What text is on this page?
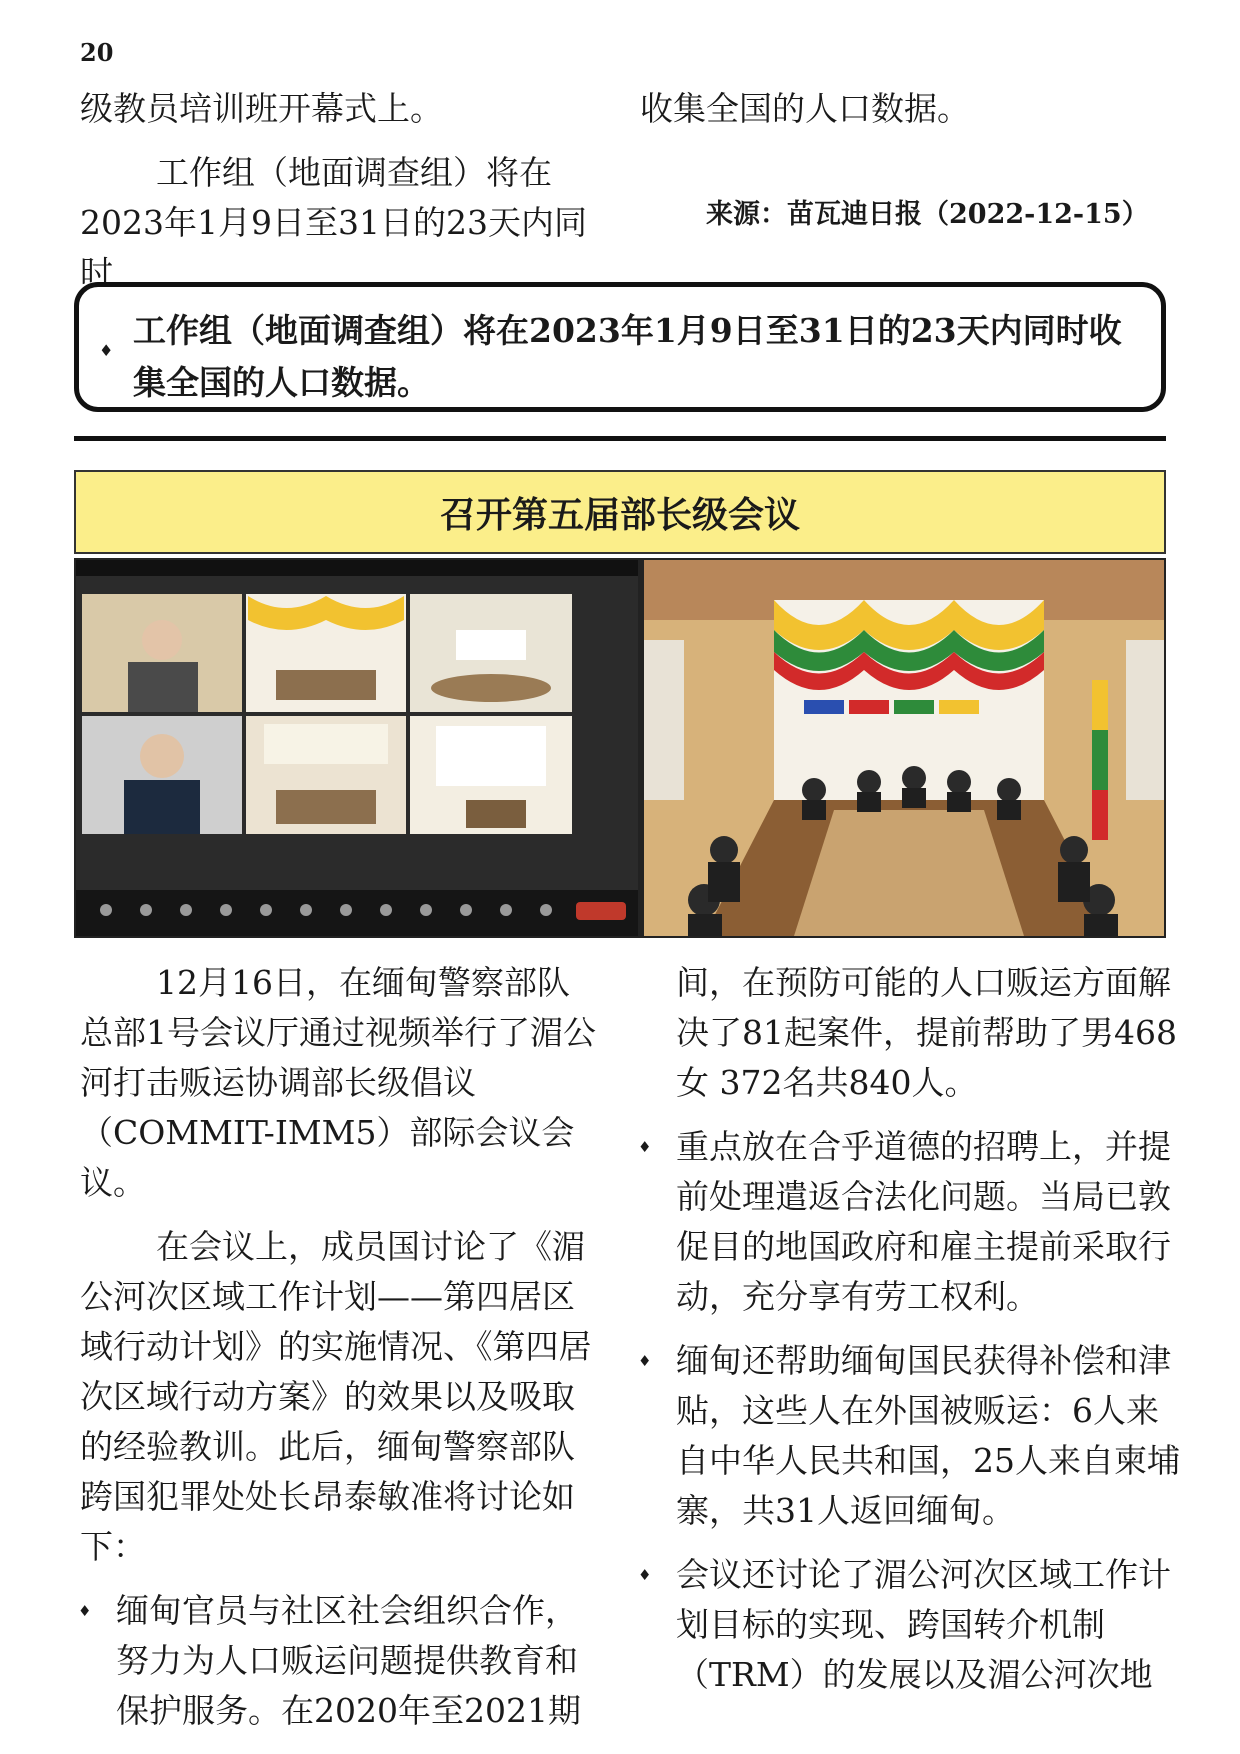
20

级教员培训班开幕式上。

工作组（地面调查组）将在2023年1月9日至31日的23天内同时

收集全国的人口数据。

来源：苗瓦迪日报（2022-12-15）
♦
工作组（地面调查组）将在2023年1月9日至31日的23天内同时收集全国的人口数据。
召开第五届部长级会议

12月16日，在缅甸警察部队总部1号会议厅通过视频举行了湄公河打击贩运协调部长级倡议（COMMIT-IMM5）部际会议会议。

在会议上，成员国讨论了《湄公河次区域工作计划——第四居区域行动计划》的实施情况、《第四居次区域行动方案》的效果以及吸取的经验教训。此后，缅甸警察部队跨国犯罪处处长昂泰敏准将讨论如下：

♦ 缅甸官员与社区社会组织合作，努力为人口贩运问题提供教育和保护服务。在2020年至2021期

间，在预防可能的人口贩运方面解决了81起案件，提前帮助了男468女 372名共840人。

♦ 重点放在合乎道德的招聘上，并提前处理遣返合法化问题。当局已敦促目的地国政府和雇主提前采取行动，充分享有劳工权利。

♦ 缅甸还帮助缅甸国民获得补偿和津贴，这些人在外国被贩运：6人来自中华人民共和国，25人来自柬埔寨，共31人返回缅甸。

♦ 会议还讨论了湄公河次区域工作计划目标的实现、跨国转介机制（TRM）的发展以及湄公河次地
